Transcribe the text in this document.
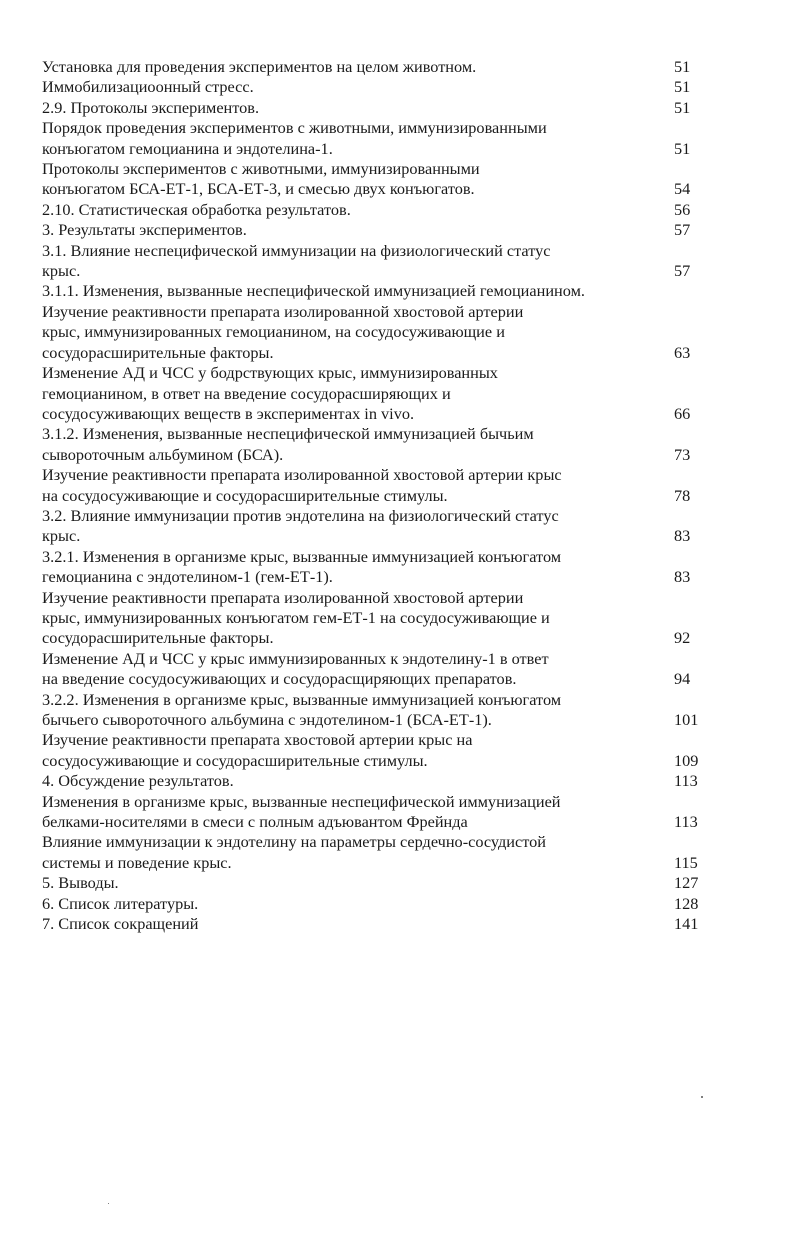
Установка для проведения экспериментов на целом животном.	51
Иммобилизациoонный стресс.	51
2.9. Протоколы экспериментов.	51
Порядок проведения экспериментов с животными, иммунизированными
конъюгатом гемоцианина и эндотелина-1.	51
Протоколы экспериментов с животными, иммунизированными
конъюгатом БСА-ЕТ-1, БСА-ЕТ-3, и смесью двух конъюгатов.	54
2.10. Статистическая обработка результатов.	56
3. Результаты экспериментов.	57
3.1. Влияние неспецифической иммунизации на физиологический статус
крыс.	57
3.1.1. Изменения, вызванные неспецифической иммунизацией гемоцианином.
Изучение реактивности препарата изолированной хвостовой артерии
крыс, иммунизированных гемоцианином, на сосудосуживающие и
сосудорасширительные факторы.	63
Изменение АД и ЧСС у бодрствующих крыс, иммунизированных
гемоцианином, в ответ на введение сосудорасширяющих и
сосудосуживающих веществ в экспериментах in vivo.	66
3.1.2. Изменения, вызванные неспецифической иммунизацией бычьим
сывороточным альбумином (БСА).	73
Изучение реактивности препарата изолированной хвостовой артерии крыс
на сосудосуживающие и сосудорасширительные стимулы.	78
3.2. Влияние иммунизации против эндотелина на физиологический статус
крыс.	83
3.2.1. Изменения в организме крыс, вызванные иммунизацией конъюгатом
гемоцианина с эндотелином-1 (гем-ЕТ-1).	83
Изучение реактивности препарата изолированной хвостовой артерии
крыс, иммунизированных конъюгатом гем-ЕТ-1 на сосудосуживающие и
сосудорасширительные факторы.	92
Изменение АД и ЧСС у крыс иммунизированных к эндотелину-1 в ответ
на введение сосудосуживающих и сосудорасщиряющих препаратов.	94
3.2.2. Изменения в организме крыс, вызванные иммунизацией конъюгатом
бычьего сывороточного альбумина с эндотелином-1 (БСА-ЕТ-1).	101
Изучение реактивности препарата хвостовой артерии крыс на
сосудосуживающие и сосудорасширительные стимулы.	109
4. Обсуждение результатов.	113
Изменения в организме крыс, вызванные неспецифической иммунизацией
белками-носителями в смеси с полным адъювантом Фрейнда	113
Влияние иммунизации к эндотелину на параметры сердечно-сосудистой
системы и поведение крыс.	115
5. Выводы.	127
6. Список литературы.	128
7. Список сокращений	141
